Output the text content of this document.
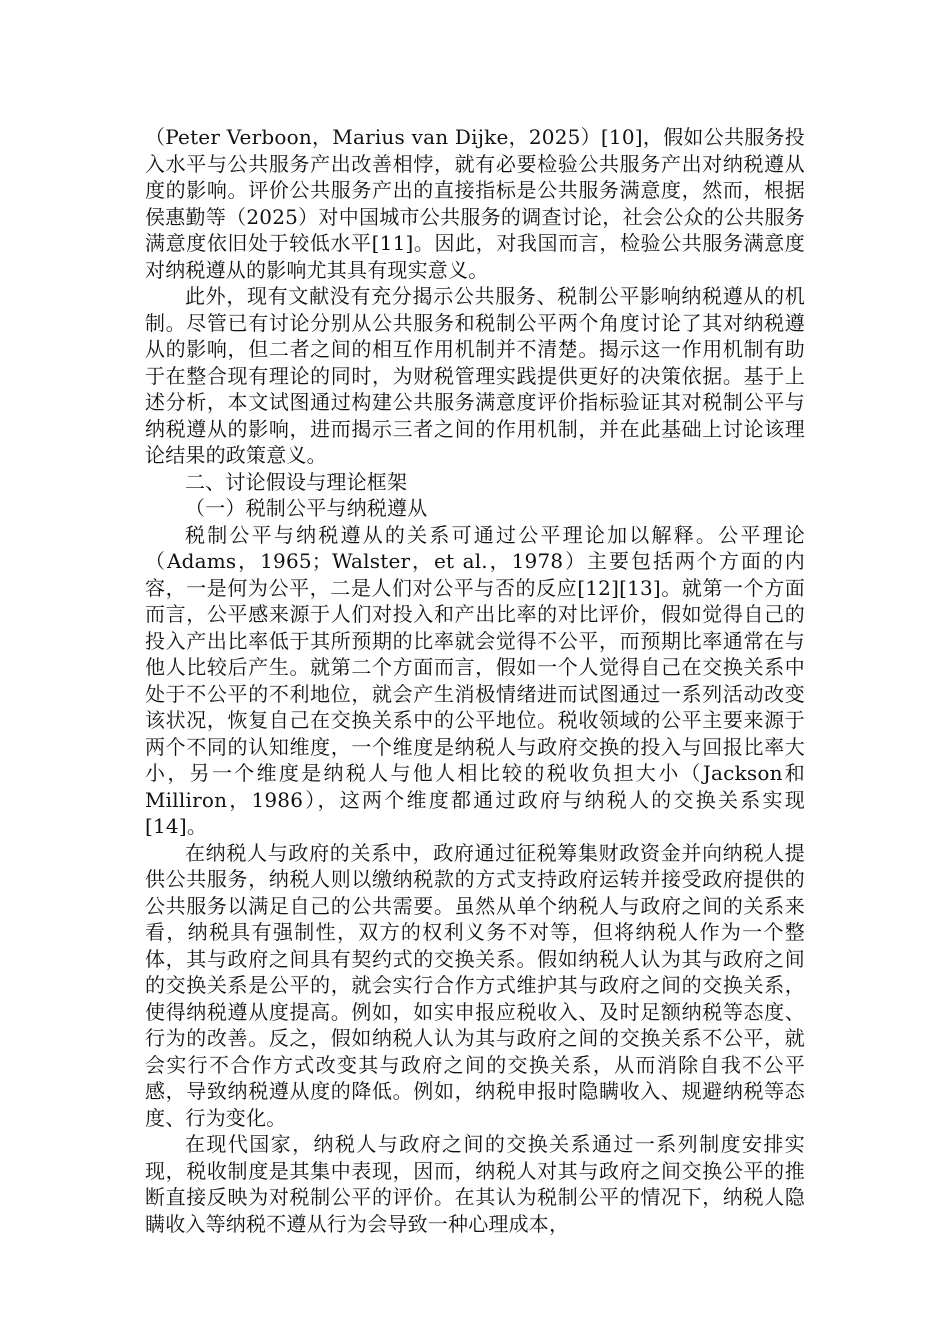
（Peter Verboon，Marius van Dijke，2025）[10]，假如公共服务投入水平与公共服务产出改善相悖，就有必要检验公共服务产出对纳税遵从度的影响。评价公共服务产出的直接指标是公共服务满意度，然而，根据侯惠勤等（2025）对中国城市公共服务的调查讨论，社会公众的公共服务满意度依旧处于较低水平[11]。因此，对我国而言，检验公共服务满意度对纳税遵从的影响尤其具有现实意义。

此外，现有文献没有充分揭示公共服务、税制公平影响纳税遵从的机制。尽管已有讨论分别从公共服务和税制公平两个角度讨论了其对纳税遵从的影响，但二者之间的相互作用机制并不清楚。揭示这一作用机制有助于在整合现有理论的同时，为财税管理实践提供更好的决策依据。基于上述分析，本文试图通过构建公共服务满意度评价指标验证其对税制公平与纳税遵从的影响，进而揭示三者之间的作用机制，并在此基础上讨论该理论结果的政策意义。

二、讨论假设与理论框架

（一）税制公平与纳税遵从

税制公平与纳税遵从的关系可通过公平理论加以解释。公平理论（Adams，1965；Walster，et al.，1978）主要包括两个方面的内容，一是何为公平，二是人们对公平与否的反应[12][13]。就第一个方面而言，公平感来源于人们对投入和产出比率的对比评价，假如觉得自己的投入产出比率低于其所预期的比率就会觉得不公平，而预期比率通常在与他人比较后产生。就第二个方面而言，假如一个人觉得自己在交换关系中处于不公平的不利地位，就会产生消极情绪进而试图通过一系列活动改变该状况，恢复自己在交换关系中的公平地位。税收领域的公平主要来源于两个不同的认知维度，一个维度是纳税人与政府交换的投入与回报比率大小，另一个维度是纳税人与他人相比较的税收负担大小（Jackson和Milliron，1986），这两个维度都通过政府与纳税人的交换关系实现[14]。

在纳税人与政府的关系中，政府通过征税筹集财政资金并向纳税人提供公共服务，纳税人则以缴纳税款的方式支持政府运转并接受政府提供的公共服务以满足自己的公共需要。虽然从单个纳税人与政府之间的关系来看，纳税具有强制性，双方的权利义务不对等，但将纳税人作为一个整体，其与政府之间具有契约式的交换关系。假如纳税人认为其与政府之间的交换关系是公平的，就会实行合作方式维护其与政府之间的交换关系，使得纳税遵从度提高。例如，如实申报应税收入、及时足额纳税等态度、行为的改善。反之，假如纳税人认为其与政府之间的交换关系不公平，就会实行不合作方式改变其与政府之间的交换关系，从而消除自我不公平感，导致纳税遵从度的降低。例如，纳税申报时隐瞒收入、规避纳税等态度、行为变化。

在现代国家，纳税人与政府之间的交换关系通过一系列制度安排实现，税收制度是其集中表现，因而，纳税人对其与政府之间交换公平的推断直接反映为对税制公平的评价。在其认为税制公平的情况下，纳税人隐瞒收入等纳税不遵从行为会导致一种心理成本，
